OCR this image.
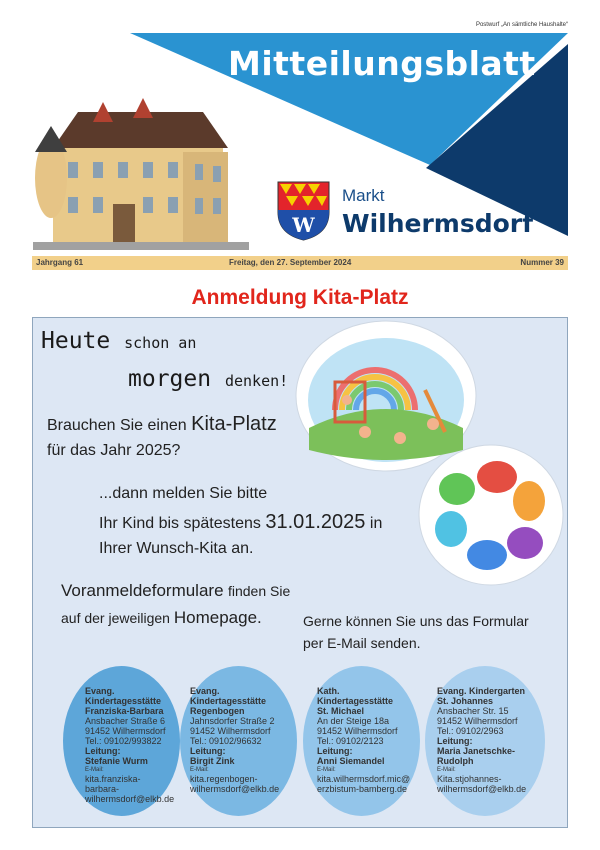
Postwurf „An sämtliche Haushalte“
Mitteilungsblatt
W
Markt
Wilhermsdorf
Jahrgang 61	Freitag, den 27. September 2024	Nummer 39
Anmeldung Kita-Platz
Heute schon an
morgen denken!
Brauchen Sie einen Kita-Platz
für das Jahr 2025?
...dann melden Sie bitte
Ihr Kind bis spätestens 31.01.2025 in
Ihrer Wunsch-Kita an.
Voranmeldeformulare finden Sie
auf der jeweiligen Homepage.	Gerne können Sie uns das Formular
per E-Mail senden.
Evang.
Kindertagesstätte
Franziska-Barbara
Ansbacher Straße 6
91452 Wilhermsdorf
Tel.: 09102/993822
Leitung:
Stefanie Wurm
E-Mail:
kita.franziska-barbara-
wilhermsdorf@elkb.de
Evang.
Kindertagesstätte
Regenbogen
Jahnsdorfer Straße 2
91452 Wilhermsdorf
Tel.: 09102/96632
Leitung:
Birgit Zink
E-Mail:
kita.regenbogen-
wilhermsdorf@elkb.de
Kath. Kindertagesstätte
St. Michael
An der Steige 18a
91452 Wilhermsdorf
Tel.: 09102/2123
Leitung:
Anni Siemandel
E-Mail:
kita.wilhermsdorf.mic@
erzbistum-bamberg.de
Evang. Kindergarten
St. Johannes
Ansbacher Str. 15
91452 Wilhermsdorf
Tel.: 09102/2963
Leitung:
Maria Janetschke-Rudolph
E-Mail:
Kita.stjohannes-
wilhermsdorf@elkb.de
